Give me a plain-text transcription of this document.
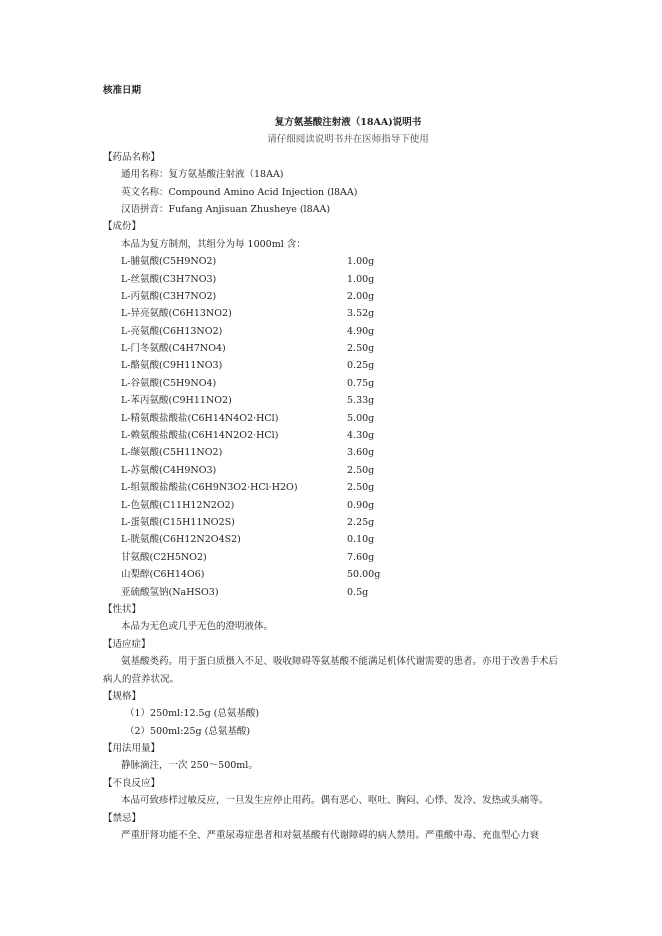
核准日期
复方氨基酸注射液（18AA)说明书
请仔细阅读说明书并在医师指导下使用
【药品名称】
通用名称：复方氨基酸注射液（18AA)
英文名称：Compound Amino Acid Injection (l8AA)
汉语拼音：Fufang Anjisuan Zhusheye (l8AA)
【成份】
本品为复方制剂，其组分为每 1000ml 含：
L-脯氨酸(C5H9NO2)	1.00g
L-丝氨酸(C3H7NO3)	1.00g
L-丙氨酸(C3H7NO2)	2.00g
L-异亮氨酸(C6H13NO2)	3.52g
L-亮氨酸(C6H13NO2)	4.90g
L-门冬氨酸(C4H7NO4)	2.50g
L-酪氨酸(C9H11NO3)	0.25g
L-谷氨酸(C5H9NO4)	0.75g
L-苯丙氨酸(C9H11NO2)	5.33g
L-精氨酸盐酸盐(C6H14N4O2·HCl)	5.00g
L-赖氨酸盐酸盐(C6H14N2O2·HCl)	4.30g
L-缬氨酸(C5H11NO2)	3.60g
L-苏氨酸(C4H9NO3)	2.50g
L-组氨酸盐酸盐(C6H9N3O2·HCl·H2O)	2.50g
L-色氨酸(C11H12N2O2)	0.90g
L-蛋氨酸(C15H11NO2S)	2.25g
L-胱氨酸(C6H12N2O4S2)	0.10g
甘氨酸(C2H5NO2)	7.60g
山梨醇(C6H14O6)	50.00g
亚硫酸氢钠(NaHSO3)	0.5g
【性状】
本品为无色或几乎无色的澄明液体。
【适应症】
氨基酸类药。用于蛋白质摄入不足、吸收障碍等氨基酸不能满足机体代谢需要的患者。亦用于改善手术后病人的营养状况。
【规格】
（1）250ml:12.5g (总氨基酸)
（2）500ml:25g (总氨基酸)
【用法用量】
静脉滴注，一次 250～500ml。
【不良反应】
本品可致疹样过敏反应，一旦发生应停止用药。偶有恶心、呕吐、胸闷、心悸、发冷、发热或头痛等。
【禁忌】
严重肝肾功能不全、严重尿毒症患者和对氨基酸有代谢障碍的病人禁用。严重酸中毒、充血型心力衰
